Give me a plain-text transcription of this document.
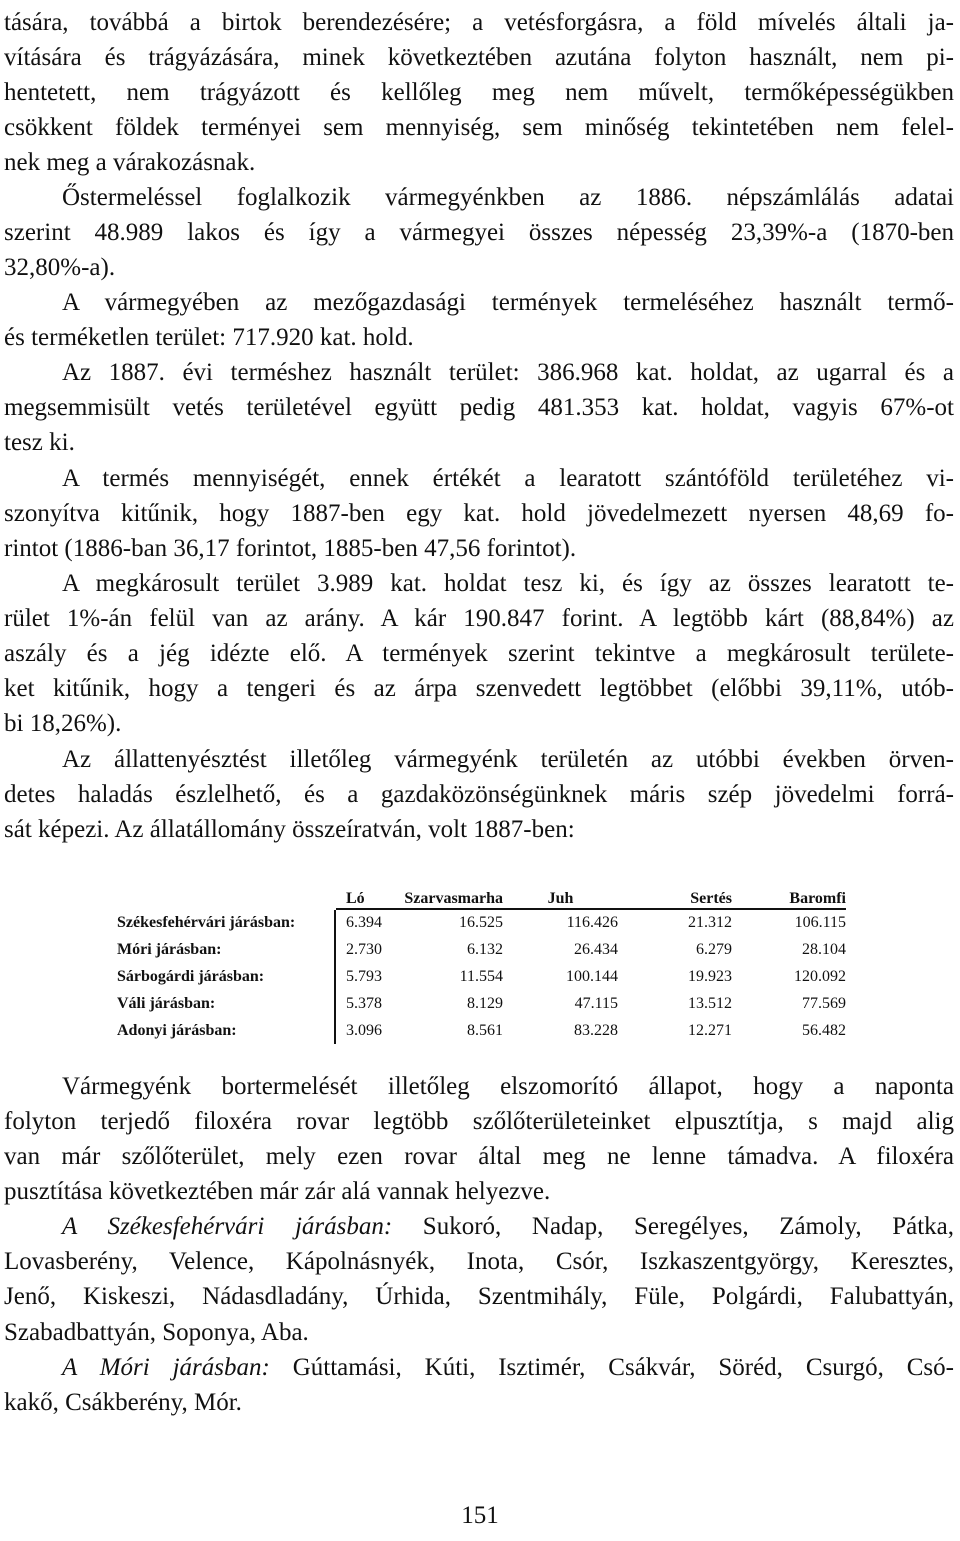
tására, továbbá a birtok berendezésére; a vetésforgásra, a föld mívelés általi ja-
vítására és trágyázására, minek következtében azutána folyton használt, nem pi-
hentetett, nem trágyázott és kellőleg meg nem művelt, termőképességükben
csökkent földek terményei sem mennyiség, sem minőség tekintetében nem felel-
nek meg a várakozásnak.
Őstermeléssel foglalkozik vármegyénkben az 1886. népszámlálás adatai
szerint 48.989 lakos és így a vármegyei összes népesség 23,39%-a (1870-ben
32,80%-a).
A vármegyében az mezőgazdasági termények termeléséhez használt termő-
és terméketlen terület: 717.920 kat. hold.
Az 1887. évi terméshez használt terület: 386.968 kat. holdat, az ugarral és a
megsemmisült vetés területével együtt pedig 481.353 kat. holdat, vagyis 67%-ot
tesz ki.
A termés mennyiségét, ennek értékét a learatott szántóföld területéhez vi-
szonyítva kitűnik, hogy 1887-ben egy kat. hold jövedelmezett nyersen 48,69 fo-
rintot (1886-ban 36,17 forintot, 1885-ben 47,56 forintot).
A megkárosult terület 3.989 kat. holdat tesz ki, és így az összes learatott te-
rület 1%-án felül van az arány. A kár 190.847 forint. A legtöbb kárt (88,84%) az
aszály és a jég idézte elő. A termények szerint tekintve a megkárosult területe-
ket kitűnik, hogy a tengeri és az árpa szenvedett legtöbbet (előbbi 39,11%, utób-
bi 18,26%).
Az állattenyésztést illetőleg vármegyénk területén az utóbbi években örven-
detes haladás észlelhető, és a gazdaközönségünknek máris szép jövedelmi forrá-
sát képezi. Az állatállomány összeíratván, volt 1887-ben:
	Ló	Szarvasmarha	Juh	Sertés	Baromfi
Székesfehérvári járásban:	6.394	16.525	116.426	21.312	106.115
Móri járásban:	2.730	6.132	26.434	6.279	28.104
Sárbogárdi járásban:	5.793	11.554	100.144	19.923	120.092
Váli járásban:	5.378	8.129	47.115	13.512	77.569
Adonyi járásban:	3.096	8.561	83.228	12.271	56.482
Vármegyénk bortermelését illetőleg elszomorító állapot, hogy a naponta
folyton terjedő filoxéra rovar legtöbb szőlőterületeinket elpusztítja, s majd alig
van már szőlőterület, mely ezen rovar által meg ne lenne támadva. A filoxéra
pusztítása következtében már zár alá vannak helyezve.
A Székesfehérvári járásban: Sukoró, Nadap, Seregélyes, Zámoly, Pátka,
Lovasberény, Velence, Kápolnásnyék, Inota, Csór, Iszkaszentgyörgy, Keresztes,
Jenő, Kiskeszi, Nádasdladány, Úrhida, Szentmihály, Füle, Polgárdi, Falubattyán,
Szabadbattyán, Soponya, Aba.
A Móri járásban: Gúttamási, Kúti, Isztimér, Csákvár, Söréd, Csurgó, Csó-
kakő, Csákberény, Mór.
151
